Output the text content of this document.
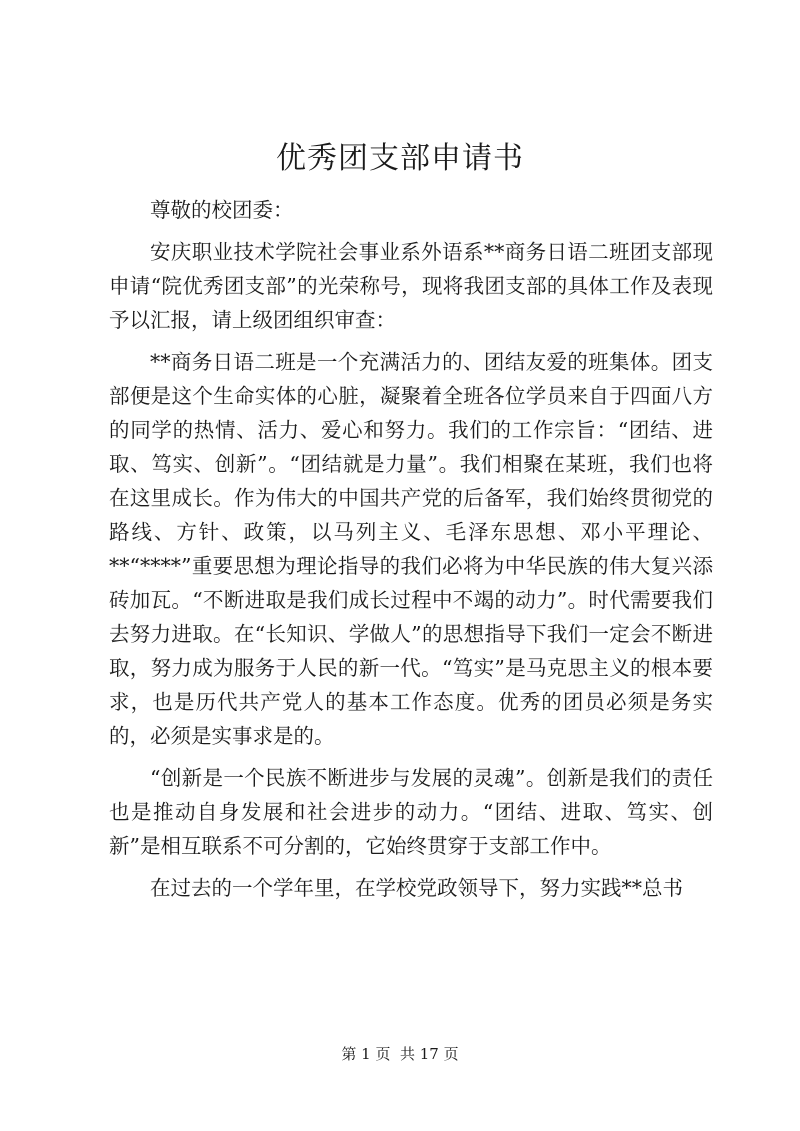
优秀团支部申请书

尊敬的校团委：

安庆职业技术学院社会事业系外语系**商务日语二班团支部现申请“院优秀团支部”的光荣称号，现将我团支部的具体工作及表现予以汇报，请上级团组织审查：

**商务日语二班是一个充满活力的、团结友爱的班集体。团支部便是这个生命实体的心脏，凝聚着全班各位学员来自于四面八方的同学的热情、活力、爱心和努力。我们的工作宗旨：“团结、进取、笃实、创新”。“团结就是力量”。我们相聚在某班，我们也将在这里成长。作为伟大的中国共产党的后备军，我们始终贯彻党的路线、方针、政策，以马列主义、毛泽东思想、邓小平理论、**“****”重要思想为理论指导的我们必将为中华民族的伟大复兴添砖加瓦。“不断进取是我们成长过程中不竭的动力”。时代需要我们去努力进取。在“长知识、学做人”的思想指导下我们一定会不断进取，努力成为服务于人民的新一代。“笃实”是马克思主义的根本要求，也是历代共产党人的基本工作态度。优秀的团员必须是务实的，必须是实事求是的。

“创新是一个民族不断进步与发展的灵魂”。创新是我们的责任也是推动自身发展和社会进步的动力。“团结、进取、笃实、创新”是相互联系不可分割的，它始终贯穿于支部工作中。

在过去的一个学年里，在学校党政领导下，努力实践**总书

第 1 页  共 17 页
